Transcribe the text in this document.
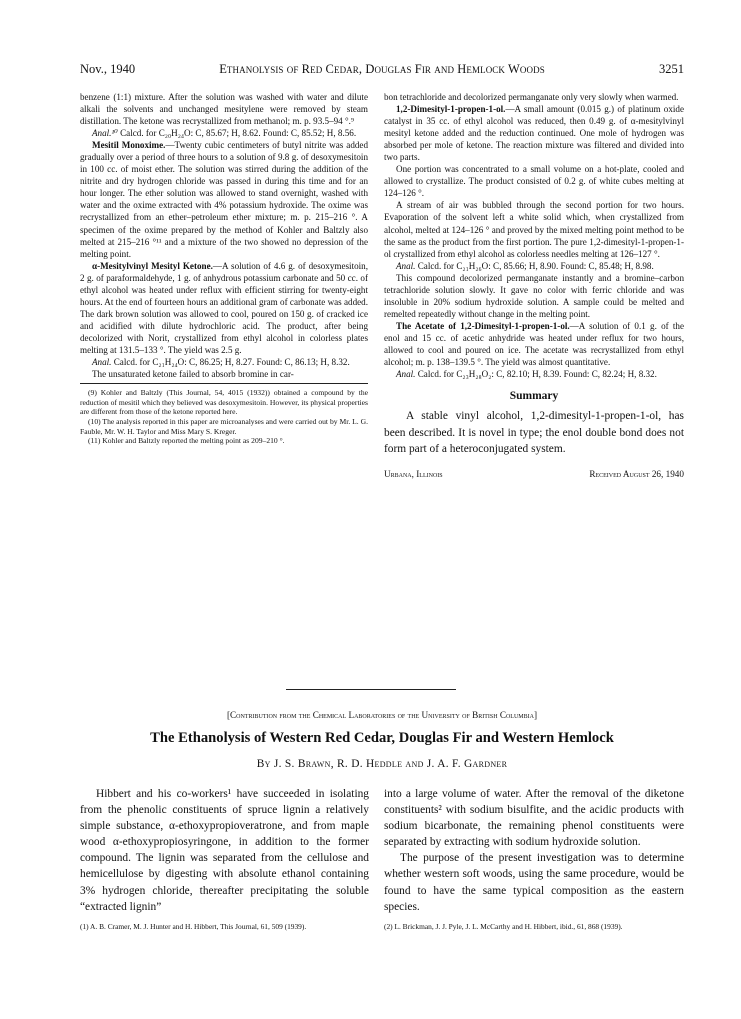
Nov., 1940	Ethanolysis of Red Cedar, Douglas Fir and Hemlock Woods	3251

benzene (1:1) mixture. After the solution was washed with water and dilute alkali the solvents and unchanged mesitylene were removed by steam distillation. The ketone was recrystallized from methanol; m. p. 93.5–94 °.⁹

Anal.¹⁰ Calcd. for C₂₀H₂₄O: C, 85.67; H, 8.62. Found: C, 85.52; H, 8.56.

Mesitil Monoxime.—Twenty cubic centimeters of butyl nitrite was added gradually over a period of three hours to a solution of 9.8 g. of desoxymesitoin in 100 cc. of moist ether. The solution was stirred during the addition of the nitrite and dry hydrogen chloride was passed in during this time and for an hour longer. The ether solution was allowed to stand overnight, washed with water and the oxime extracted with 4% potassium hydroxide. The oxime was recrystallized from an ether–petroleum ether mixture; m. p. 215–216 °. A specimen of the oxime prepared by the method of Kohler and Baltzly also melted at 215–216 °¹¹ and a mixture of the two showed no depression of the melting point.

α-Mesitylvinyl Mesityl Ketone.—A solution of 4.6 g. of desoxymesitoin, 2 g. of paraformaldehyde, 1 g. of anhydrous potassium carbonate and 50 cc. of ethyl alcohol was heated under reflux with efficient stirring for twenty-eight hours. At the end of fourteen hours an additional gram of carbonate was added. The dark brown solution was allowed to cool, poured on 150 g. of cracked ice and acidified with dilute hydrochloric acid. The product, after being decolorized with Norit, crystallized from ethyl alcohol in colorless plates melting at 131.5–133 °. The yield was 2.5 g.

Anal. Calcd. for C₂₁H₂₄O: C, 86.25; H, 8.27. Found: C, 86.13; H, 8.32.

The unsaturated ketone failed to absorb bromine in car-

(9) Kohler and Baltzly (This Journal, 54, 4015 (1932)) obtained a compound by the reduction of mesitil which they believed was desoxymesitoin. However, its physical properties are different from those of the ketone reported here.

(10) The analysis reported in this paper are microanalyses and were carried out by Mr. L. G. Fauble, Mr. W. H. Taylor and Miss Mary S. Kreger.

(11) Kohler and Baltzly reported the melting point as 209–210 °.

bon tetrachloride and decolorized permanganate only very slowly when warmed.

1,2-Dimesityl-1-propen-1-ol.—A small amount (0.015 g.) of platinum oxide catalyst in 35 cc. of ethyl alcohol was reduced, then 0.49 g. of α-mesitylvinyl mesityl ketone added and the reduction continued. One mole of hydrogen was absorbed per mole of ketone. The reaction mixture was filtered and divided into two parts.

One portion was concentrated to a small volume on a hot-plate, cooled and allowed to crystallize. The product consisted of 0.2 g. of white cubes melting at 124–126 °.

A stream of air was bubbled through the second portion for two hours. Evaporation of the solvent left a white solid which, when crystallized from alcohol, melted at 124–126 ° and proved by the mixed melting point method to be the same as the product from the first portion. The pure 1,2-dimesityl-1-propen-1-ol crystallized from ethyl alcohol as colorless needles melting at 126–127 °.

Anal. Calcd. for C₂₁H₂₆O: C, 85.66; H, 8.90. Found: C, 85.48; H, 8.98.

This compound decolorized permanganate instantly and a bromine–carbon tetrachloride solution slowly. It gave no color with ferric chloride and was insoluble in 20% sodium hydroxide solution. A sample could be melted and remelted repeatedly without change in the melting point.

The Acetate of 1,2-Dimesityl-1-propen-1-ol.—A solution of 0.1 g. of the enol and 15 cc. of acetic anhydride was heated under reflux for two hours, allowed to cool and poured on ice. The acetate was recrystallized from ethyl alcohol; m. p. 138–139.5 °. The yield was almost quantitative.

Anal. Calcd. for C₂₃H₂₈O₂: C, 82.10; H, 8.39. Found: C, 82.24; H, 8.32.

Summary

A stable vinyl alcohol, 1,2-dimesityl-1-propen-1-ol, has been described. It is novel in type; the enol double bond does not form part of a heteroconjugated system.

Urbana, Illinois	Received August 26, 1940
[Contribution from the Chemical Laboratories of the University of British Columbia]
The Ethanolysis of Western Red Cedar, Douglas Fir and Western Hemlock
By J. S. Brawn, R. D. Heddle and J. A. F. Gardner

Hibbert and his co-workers¹ have succeeded in isolating from the phenolic constituents of spruce lignin a relatively simple substance, α-ethoxypropioveratrone, and from maple wood α-ethoxypropiosyringone, in addition to the former compound. The lignin was separated from the cellulose and hemicellulose by digesting with absolute ethanol containing 3% hydrogen chloride, thereafter precipitating the soluble “extracted lignin”

(1) A. B. Cramer, M. J. Hunter and H. Hibbert, This Journal, 61, 509 (1939).

into a large volume of water. After the removal of the diketone constituents² with sodium bisulfite, and the acidic products with sodium bicarbonate, the remaining phenol constituents were separated by extracting with sodium hydroxide solution.

The purpose of the present investigation was to determine whether western soft woods, using the same procedure, would be found to have the same typical composition as the eastern species.

(2) L. Brickman, J. J. Pyle, J. L. McCarthy and H. Hibbert, ibid., 61, 868 (1939).
